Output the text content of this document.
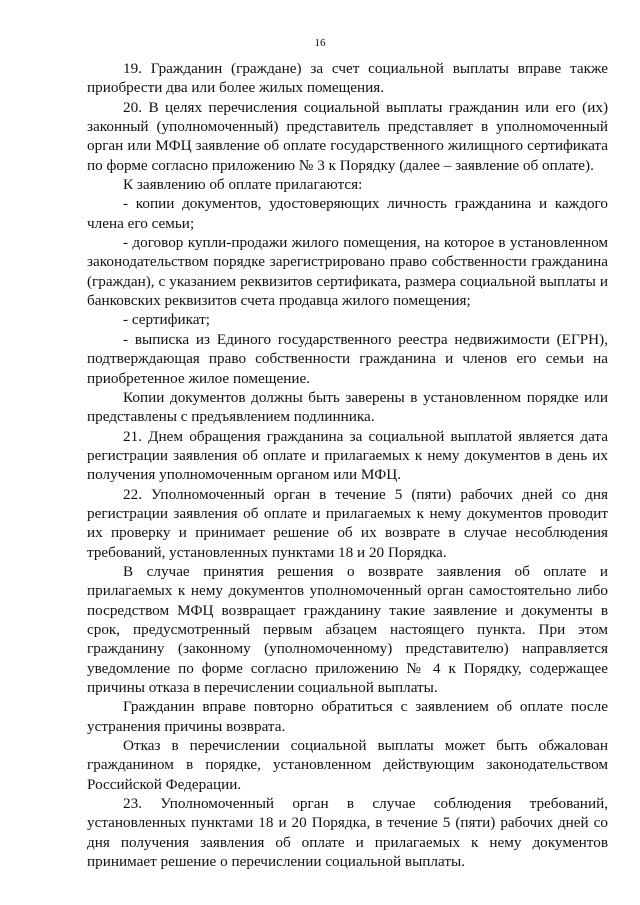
16

19. Гражданин (граждане) за счет социальной выплаты вправе также приобрести два или более жилых помещения.

20. В целях перечисления социальной выплаты гражданин или его (их) законный (уполномоченный) представитель представляет в уполномоченный орган или МФЦ заявление об оплате государственного жилищного сертификата по форме согласно приложению № 3 к Порядку (далее – заявление об оплате).

К заявлению об оплате прилагаются:

- копии документов, удостоверяющих личность гражданина и каждого члена его семьи;

- договор купли-продажи жилого помещения, на которое в установленном законодательством порядке зарегистрировано право собственности гражданина (граждан), с указанием реквизитов сертификата, размера социальной выплаты и банковских реквизитов счета продавца жилого помещения;

- сертификат;

- выписка из Единого государственного реестра недвижимости (ЕГРН), подтверждающая право собственности гражданина и членов его семьи на приобретенное жилое помещение.

Копии документов должны быть заверены в установленном порядке или представлены с предъявлением подлинника.

21. Днем обращения гражданина за социальной выплатой является дата регистрации заявления об оплате и прилагаемых к нему документов в день их получения уполномоченным органом или МФЦ.

22. Уполномоченный орган в течение 5 (пяти) рабочих дней со дня регистрации заявления об оплате и прилагаемых к нему документов проводит их проверку и принимает решение об их возврате в случае несоблюдения требований, установленных пунктами 18 и 20 Порядка.

В случае принятия решения о возврате заявления об оплате и прилагаемых к нему документов уполномоченный орган самостоятельно либо посредством МФЦ возвращает гражданину такие заявление и документы в срок, предусмотренный первым абзацем настоящего пункта. При этом гражданину (законному (уполномоченному) представителю) направляется уведомление по форме согласно приложению № 4 к Порядку, содержащее причины отказа в перечислении социальной выплаты.

Гражданин вправе повторно обратиться с заявлением об оплате после устранения причины возврата.

Отказ в перечислении социальной выплаты может быть обжалован гражданином в порядке, установленном действующим законодательством Российской Федерации.

23. Уполномоченный орган в случае соблюдения требований, установленных пунктами 18 и 20 Порядка, в течение 5 (пяти) рабочих дней со дня получения заявления об оплате и прилагаемых к нему документов принимает решение о перечислении социальной выплаты.
